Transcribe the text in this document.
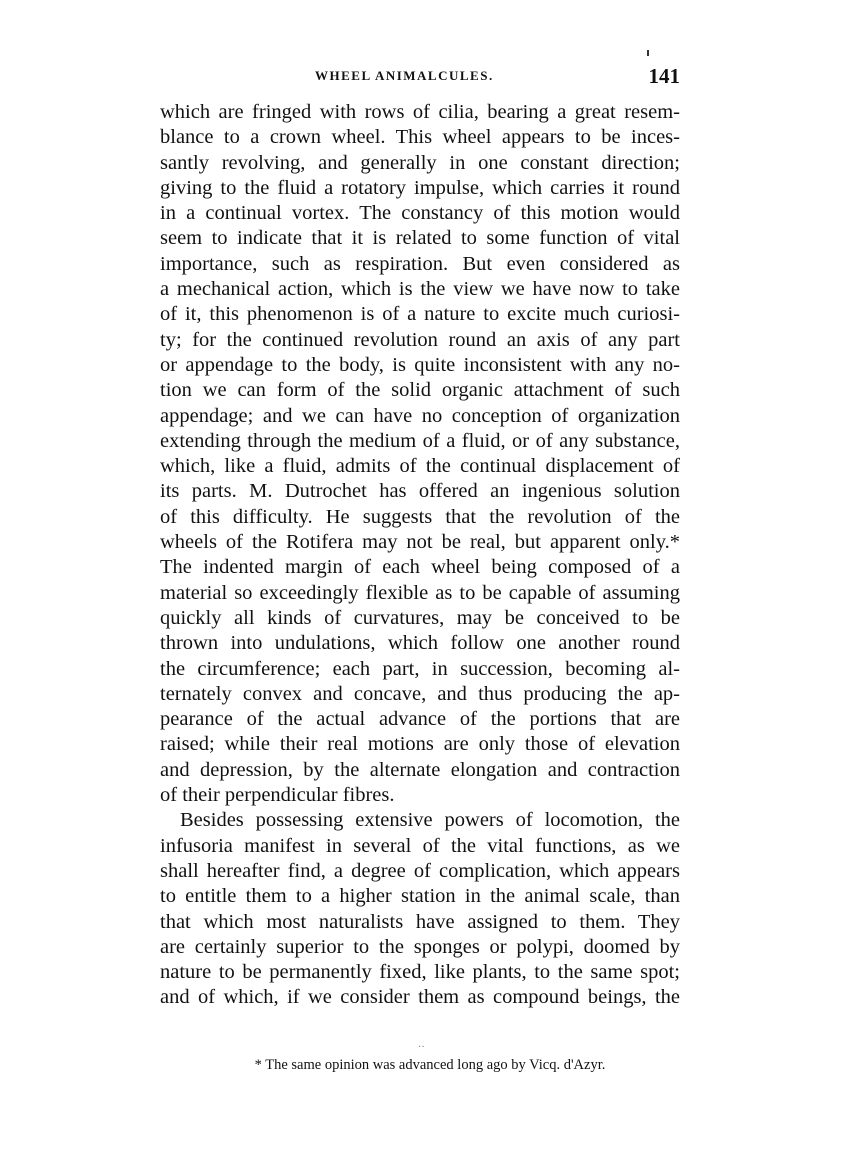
WHEEL ANIMALCULES.	141
which are fringed with rows of cilia, bearing a great resem-
blance to a crown wheel. This wheel appears to be inces-
santly revolving, and generally in one constant direction;
giving to the fluid a rotatory impulse, which carries it round
in a continual vortex. The constancy of this motion would
seem to indicate that it is related to some function of vital
importance, such as respiration. But even considered as
a mechanical action, which is the view we have now to take
of it, this phenomenon is of a nature to excite much curiosi-
ty; for the continued revolution round an axis of any part
or appendage to the body, is quite inconsistent with any no-
tion we can form of the solid organic attachment of such
appendage; and we can have no conception of organization
extending through the medium of a fluid, or of any substance,
which, like a fluid, admits of the continual displacement of
its parts. M. Dutrochet has offered an ingenious solution
of this difficulty. He suggests that the revolution of the
wheels of the Rotifera may not be real, but apparent only.*
The indented margin of each wheel being composed of a
material so exceedingly flexible as to be capable of assuming
quickly all kinds of curvatures, may be conceived to be
thrown into undulations, which follow one another round
the circumference; each part, in succession, becoming al-
ternately convex and concave, and thus producing the ap-
pearance of the actual advance of the portions that are
raised; while their real motions are only those of elevation
and depression, by the alternate elongation and contraction
of their perpendicular fibres.
Besides possessing extensive powers of locomotion, the
infusoria manifest in several of the vital functions, as we
shall hereafter find, a degree of complication, which appears
to entitle them to a higher station in the animal scale, than
that which most naturalists have assigned to them. They
are certainly superior to the sponges or polypi, doomed by
nature to be permanently fixed, like plants, to the same spot;
and of which, if we consider them as compound beings, the
··
* The same opinion was advanced long ago by Vicq. d'Azyr.
